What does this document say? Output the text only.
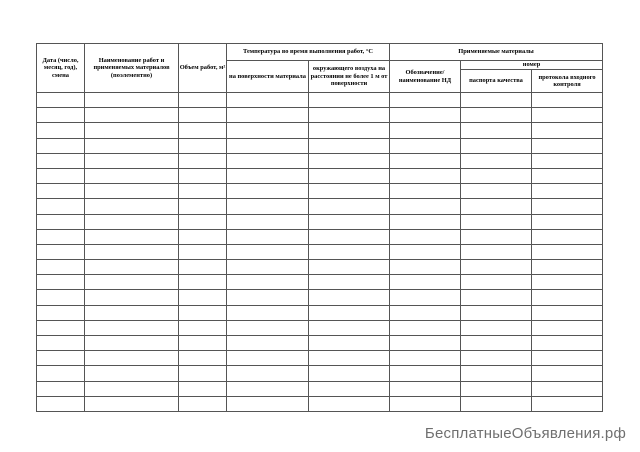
Дата (число, месяц, год), смена	Наименование работ и применяемых материалов (поэлементно)	Объем работ, м²	Температура во время выполнения работ, °С		Применяемые материалы		
			на поверхности материала	окружающего воздуха на расстоянии не более 1 м от поверхности	Обозначение/ наименование НД	номер	
						паспорта качества	протокола входного контроля

БесплатныеОбъявления.рф
